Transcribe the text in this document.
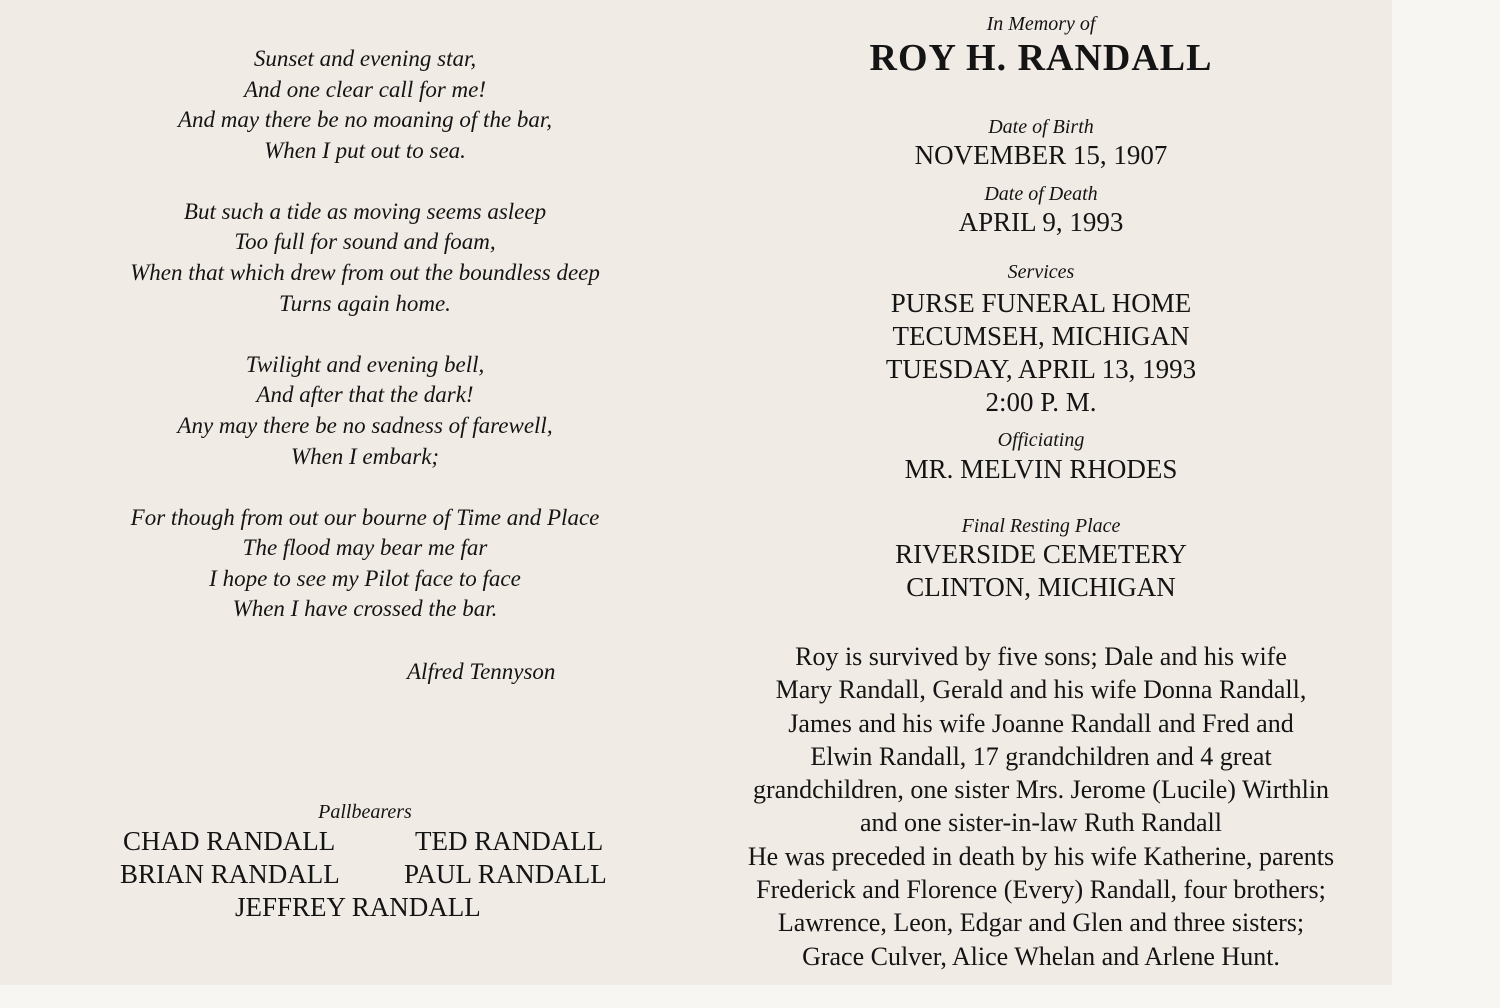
Sunset and evening star,
And one clear call for me!
And may there be no moaning of the bar,
When I put out to sea.
But such a tide as moving seems asleep
Too full for sound and foam,
When that which drew from out the boundless deep
Turns again home.
Twilight and evening bell,
And after that the dark!
Any may there be no sadness of farewell,
When I embark;
For though from out our bourne of Time and Place
The flood may bear me far
I hope to see my Pilot face to face
When I have crossed the bar.
Alfred Tennyson
Pallbearers
CHAD RANDALL	TED RANDALL
BRIAN RANDALL PAUL RANDALL
JEFFREY RANDALL
In Memory of
ROY H. RANDALL
Date of Birth
NOVEMBER 15, 1907
Date of Death
APRIL 9, 1993
Services
PURSE FUNERAL HOME
TECUMSEH, MICHIGAN
TUESDAY, APRIL 13, 1993
2:00 P. M.
Officiating
MR. MELVIN RHODES
Final Resting Place
RIVERSIDE CEMETERY
CLINTON, MICHIGAN
Roy is survived by five sons; Dale and his wife
Mary Randall, Gerald and his wife Donna Randall,
James and his wife Joanne Randall and Fred and
Elwin Randall, 17 grandchildren and 4 great
grandchildren, one sister Mrs. Jerome (Lucile) Wirthlin
and one sister-in-law Ruth Randall
He was preceded in death by his wife Katherine, parents
Frederick and Florence (Every) Randall, four brothers;
Lawrence, Leon, Edgar and Glen and three sisters;
Grace Culver, Alice Whelan and Arlene Hunt.
